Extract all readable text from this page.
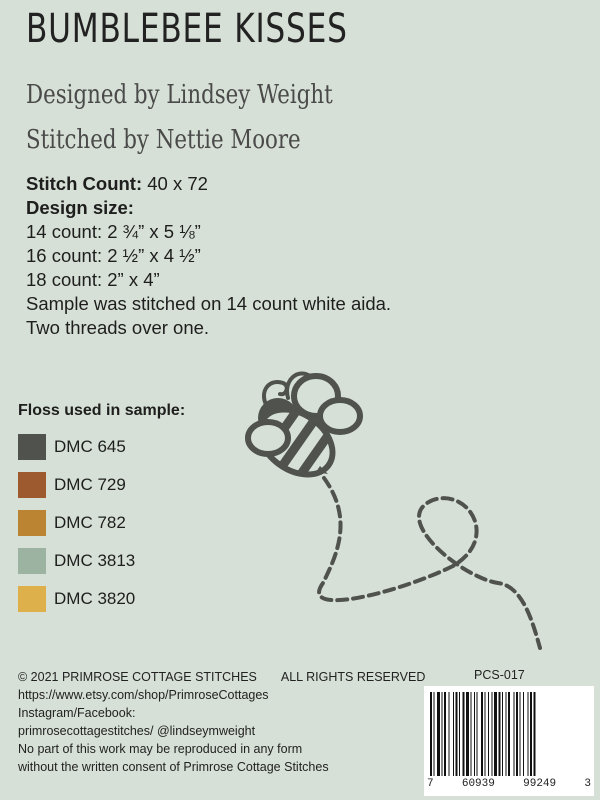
BUMBLEBEE KISSES
Designed by Lindsey Weight
Stitched by Nettie Moore
Stitch Count: 40 x 72
Design size:
14 count: 2 ¾” x 5 ⅛”
16 count: 2 ½” x 4 ½”
18 count: 2” x 4”
Sample was stitched on 14 count white aida.
Two threads over one.
Floss used in sample:
DMC 645
DMC 729
DMC 782
DMC 3813
DMC 3820
PCS-017
© 2021 PRIMROSE COTTAGE STITCHES ALL RIGHTS RESERVED
https://www.etsy.com/shop/PrimroseCottages
Instagram/Facebook:
primrosecottagestitches/ @lindseymweight
No part of this work may be reproduced in any form
without the written consent of Primrose Cottage Stitches
7	60939	99249	3
